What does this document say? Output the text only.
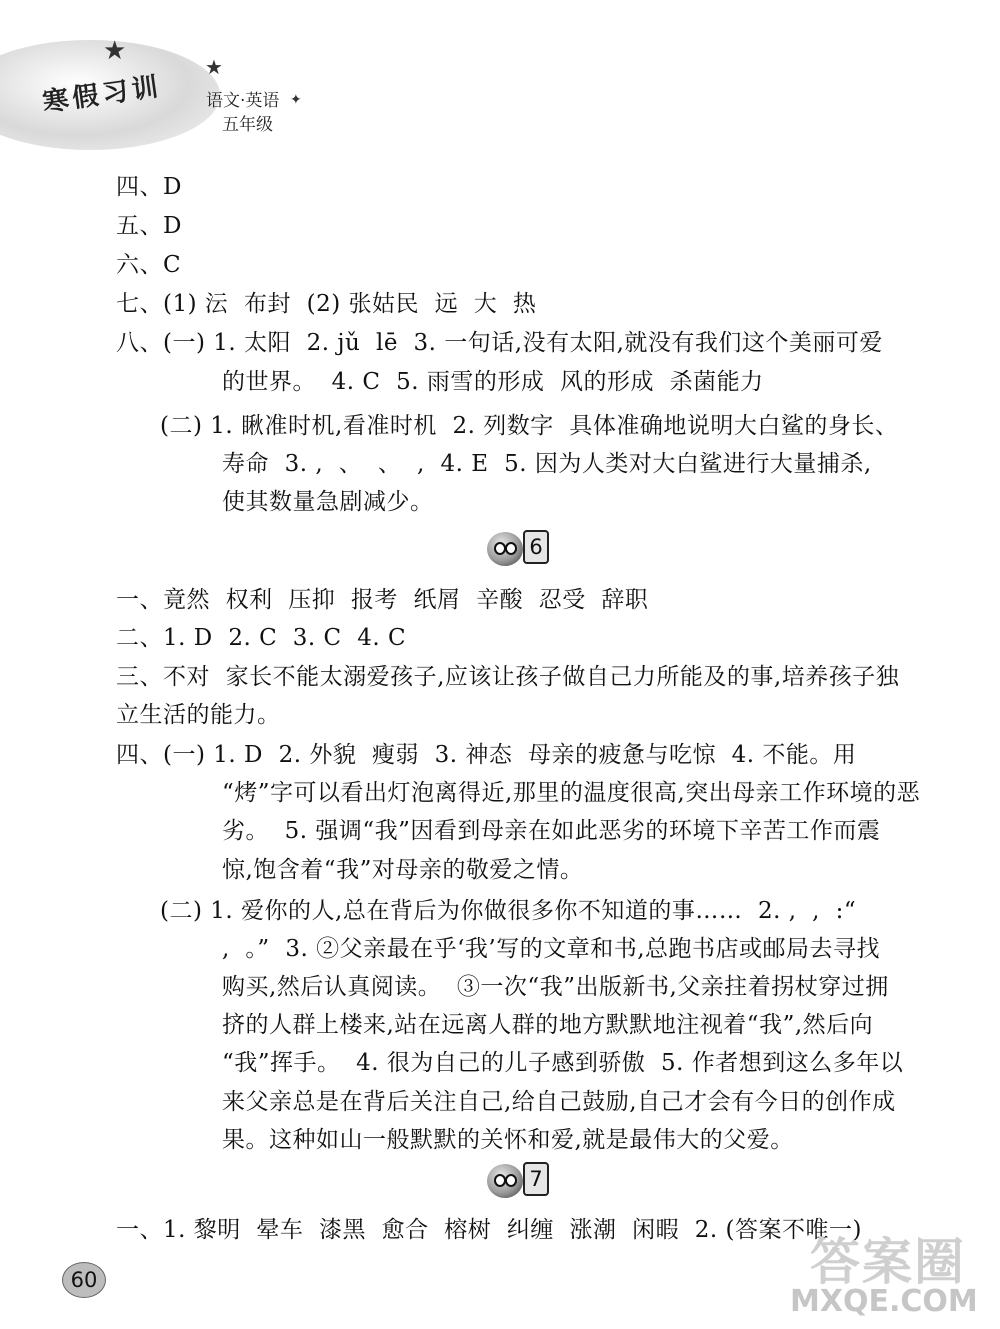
★
★
✦
寒假习训 语文·英语
五年级
四、D
五、D
六、C
七、(1) 沄  布封  (2) 张姑民  远  大  热
八、(一) 1. 太阳  2. jǔ  lē  3. 一句话,没有太阳,就没有我们这个美丽可爱
的世界。  4. C  5. 雨雪的形成  风的形成  杀菌能力
(二) 1. 瞅准时机,看准时机  2. 列数字  具体准确地说明大白鲨的身长、
寿命  3. ,  、  、  ,  4. E  5. 因为人类对大白鲨进行大量捕杀,
使其数量急剧减少。
6
一、竟然  权利  压抑  报考  纸屑  辛酸  忍受  辞职
二、1. D  2. C  3. C  4. C
三、不对  家长不能太溺爱孩子,应该让孩子做自己力所能及的事,培养孩子独
立生活的能力。
四、(一) 1. D  2. 外貌  瘦弱  3. 神态  母亲的疲惫与吃惊  4. 不能。用
“烤”字可以看出灯泡离得近,那里的温度很高,突出母亲工作环境的恶
劣。  5. 强调“我”因看到母亲在如此恶劣的环境下辛苦工作而震
惊,饱含着“我”对母亲的敬爱之情。
(二) 1. 爱你的人,总在背后为你做很多你不知道的事……  2. ,  ,  :“
,  。”  3. ②父亲最在乎‘我’写的文章和书,总跑书店或邮局去寻找
购买,然后认真阅读。  ③一次“我”出版新书,父亲拄着拐杖穿过拥
挤的人群上楼来,站在远离人群的地方默默地注视着“我”,然后向
“我”挥手。  4. 很为自己的儿子感到骄傲  5. 作者想到这么多年以
来父亲总是在背后关注自己,给自己鼓励,自己才会有今日的创作成
果。这种如山一般默默的关怀和爱,就是最伟大的父爱。
7
一、1. 黎明  晕车  漆黑  愈合  榕树  纠缠  涨潮  闲暇  2. (答案不唯一)
60	答案圈
MXQE.COM
